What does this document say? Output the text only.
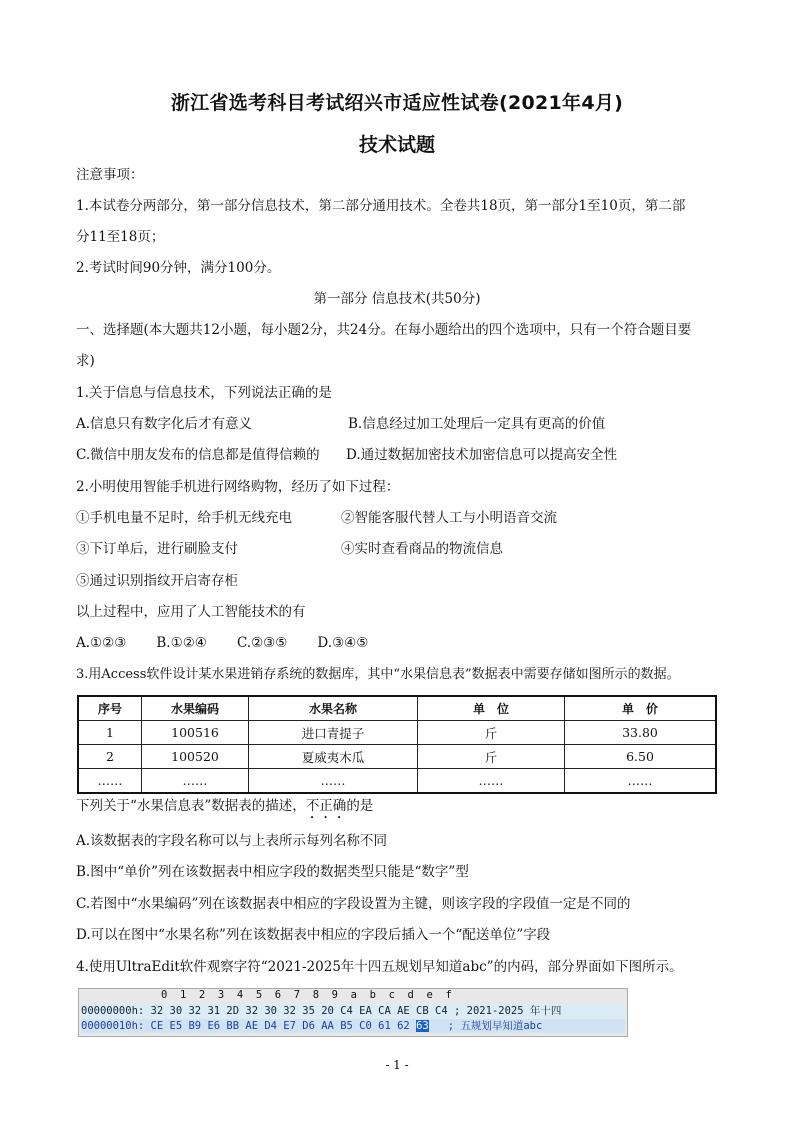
浙江省选考科目考试绍兴市适应性试卷(2021年4月)
技术试题
注意事项：
1.本试卷分两部分，第一部分信息技术，第二部分通用技术。全卷共18页，第一部分1至10页，第二部
分11至18页；
2.考试时间90分钟，满分100分。
第一部分 信息技术(共50分)
一、选择题(本大题共12小题，每小题2分，共24分。在每小题给出的四个选项中，只有一个符合题目要
求)
1.关于信息与信息技术，下列说法正确的是
A.信息只有数字化后才有意义	B.信息经过加工处理后一定具有更高的价值
C.微信中朋友发布的信息都是值得信赖的 D.通过数据加密技术加密信息可以提高安全性
2.小明使用智能手机进行网络购物，经历了如下过程：
①手机电量不足时，给手机无线充电	②智能客服代替人工与小明语音交流
③下订单后，进行刷脸支付	④实时查看商品的物流信息
⑤通过识别指纹开启寄存柜
以上过程中，应用了人工智能技术的有
A.①②③       B.①②④       C.②③⑤       D.③④⑤
3.用Access软件设计某水果进销存系统的数据库，其中“水果信息表”数据表中需要存储如图所示的数据。
序号	水果编码	水果名称	单　位	单　价
1	100516	进口青提子	斤	33.80
2	100520	夏威夷木瓜	斤	6.50
……	……	……	……	……
下列关于“水果信息表”数据表的描述，不正确的是
A.该数据表的字段名称可以与上表所示每列名称不同
B.图中“单价”列在该数据表中相应字段的数据类型只能是“数字”型
C.若图中“水果编码”列在该数据表中相应的字段设置为主键，则该字段的字段值一定是不同的
D.可以在图中“水果名称”列在该数据表中相应的字段后插入一个“配送单位”字段
4.使用UltraEdit软件观察字符“2021-2025年十四五规划早知道abc”的内码，部分界面如下图所示。
0  1  2  3  4  5  6  7  8  9  a  b  c  d  e  f
00000000h: 32 30 32 31 2D 32 30 32 35 20 C4 EA CA AE CB C4 ; 2021-2025 年十四
00000010h: CE E5 B9 E6 BB AE D4 E7 D6 AA B5 C0 61 62 63 ; 五规划早知道abc
- 1 -
